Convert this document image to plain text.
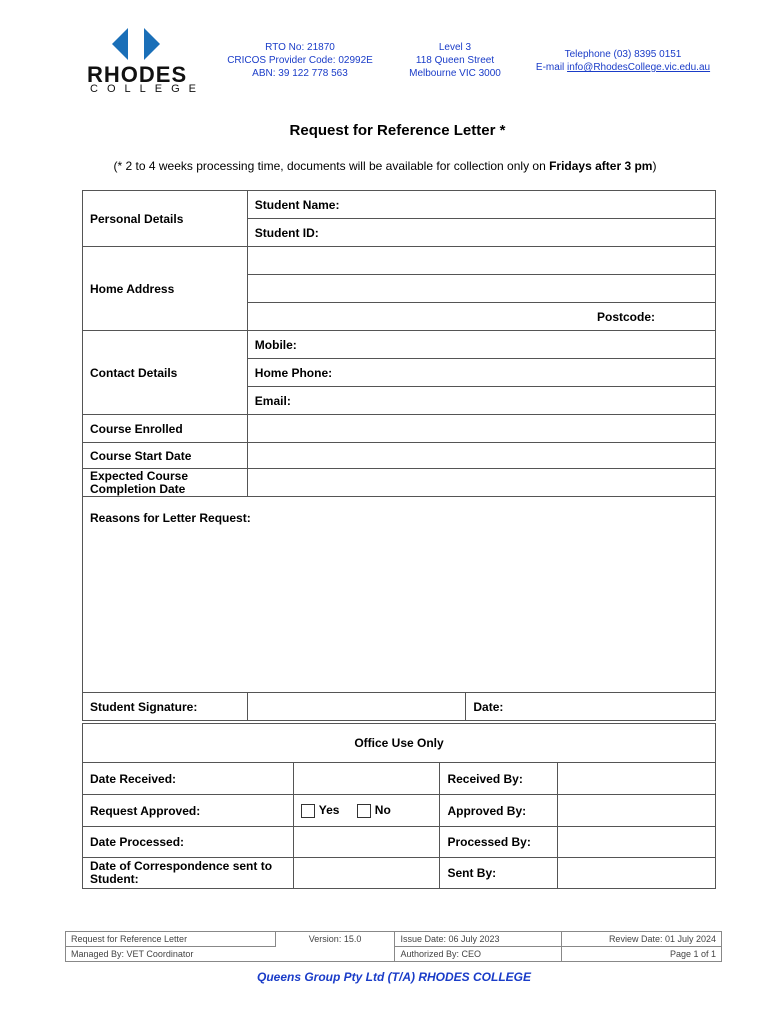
RHODES
COLLEGE
RTO No: 21870
CRICOS Provider Code: 02992E
ABN: 39 122 778 563
Level 3
118 Queen Street
Melbourne VIC 3000
Telephone (03) 8395 0151
E-mail info@RhodesCollege.vic.edu.au
Request for Reference Letter *
(* 2 to 4 weeks processing time, documents will be available for collection only on Fridays after 3 pm)
Personal Details	Student Name:	
	Student ID:	
Home Address		

	Postcode:	
Contact Details	Mobile:	
	Home Phone:	
	Email:	
Course Enrolled		
Course Start Date		

Expected Course
Completion Date		

Reasons for Letter Request:		
Student Signature:		Date:
Office Use Only			
Date Received:		Received By:	
Request Approved:	Yes No	Approved By:	
Date Processed:		Processed By:	

Date of Correspondence sent to
Student:		Sent By:	
Request for Reference Letter	Version: 15.0	Issue Date: 06 July 2023	Review Date: 01 July 2024
Managed By: VET Coordinator		Authorized By: CEO	Page 1 of 1
Queens Group Pty Ltd (T/A) RHODES COLLEGE
